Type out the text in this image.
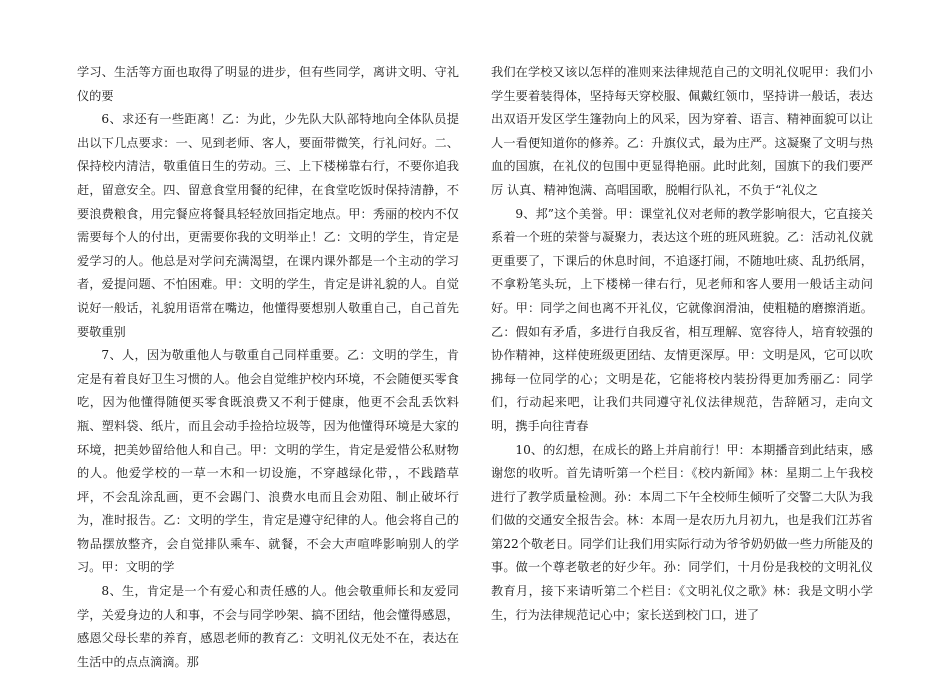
学习、生活等方面也取得了明显的进步，但有些同学，离讲文明、守礼仪的要

6、求还有一些距离！乙：为此，少先队大队部特地向全体队员提出以下几点要求：一、见到老师、客人，要面带微笑，行礼问好。二、保持校内清洁，敬重值日生的劳动。三、上下楼梯靠右行，不要你追我赶，留意安全。四、留意食堂用餐的纪律，在食堂吃饭时保持清静，不要浪费粮食，用完餐应将餐具轻轻放回指定地点。甲：秀丽的校内不仅需要每个人的付出，更需要你我的文明举止！乙：文明的学生，肯定是爱学习的人。他总是对学问充满渴望，在课内课外都是一个主动的学习者，爱提问题、不怕困难。甲：文明的学生，肯定是讲礼貌的人。自觉说好一般话，礼貌用语常在嘴边，他懂得要想别人敬重自己，自己首先要敬重别

7、人，因为敬重他人与敬重自己同样重要。乙：文明的学生，肯定是有着良好卫生习惯的人。他会自觉维护校内环境，不会随便买零食吃，因为他懂得随便买零食既浪费又不利于健康，他更不会乱丢饮料瓶、塑料袋、纸片，而且会动手捡拾垃圾等，因为他懂得环境是大家的环境，把美妙留给他人和自己。甲：文明的学生，肯定是爱惜公私财物的人。他爱学校的一草一木和一切设施，不穿越绿化带，，不践踏草坪，不会乱涂乱画，更不会踢门、浪费水电而且会劝阻、制止破坏行为，准时报告。乙：文明的学生，肯定是遵守纪律的人。他会将自己的物品摆放整齐，会自觉排队乘车、就餐，不会大声喧哗影响别人的学习。甲：文明的学

8、生，肯定是一个有爱心和责任感的人。他会敬重师长和友爱同学，关爱身边的人和事，不会与同学吵架、搞不团结，他会懂得感恩，感恩父母长辈的养育，感恩老师的教育乙：文明礼仪无处不在，表达在生活中的点点滴滴。那

我们在学校又该以怎样的准则来法律规范自己的文明礼仪呢甲：我们小学生要着装得体，坚持每天穿校服、佩戴红领巾，坚持讲一般话，表达出双语开发区学生篷勃向上的风采，因为穿着、语言、精神面貌可以让人一看便知道你的修养。乙：升旗仪式，最为庄严。这凝聚了文明与热血的国旗，在礼仪的包围中更显得艳丽。此时此刻，国旗下的我们要严厉 认真、精神饱满、高唱国歌，脱帽行队礼，不负于“礼仪之

9、邦”这个美誉。甲：课堂礼仪对老师的教学影响很大，它直接关系着一个班的荣誉与凝聚力，表达这个班的班风班貌。乙：活动礼仪就更重要了，下课后的休息时间，不追逐打闹，不随地吐痰、乱扔纸屑，不拿粉笔头玩，上下楼梯一律右行，见老师和客人要用一般话主动问好。甲：同学之间也离不开礼仪，它就像润滑油，使粗糙的磨擦消逝。乙：假如有矛盾，多进行自我反省，相互理解、宽容待人，培育较强的协作精神，这样使班级更团结、友情更深厚。甲：文明是风，它可以吹拂每一位同学的心；文明是花，它能将校内装扮得更加秀丽乙：同学们，行动起来吧，让我们共同遵守礼仪法律规范，告辞陋习，走向文明，携手向往青春

10、的幻想，在成长的路上并肩前行！甲：本期播音到此结束，感谢您的收听。首先请听第一个栏目：《校内新闻》林：星期二上午我校进行了教学质量检测。孙：本周二下午全校师生倾听了交警二大队为我们做的交通安全报告会。林：本周一是农历九月初九，也是我们江苏省第22个敬老日。同学们让我们用实际行动为爷爷奶奶做一些力所能及的事。做一个尊老敬老的好少年。孙：同学们，十月份是我校的文明礼仪教育月，接下来请听第二个栏目：《文明礼仪之歌》林：我是文明小学生，行为法律规范记心中；家长送到校门口，进了
